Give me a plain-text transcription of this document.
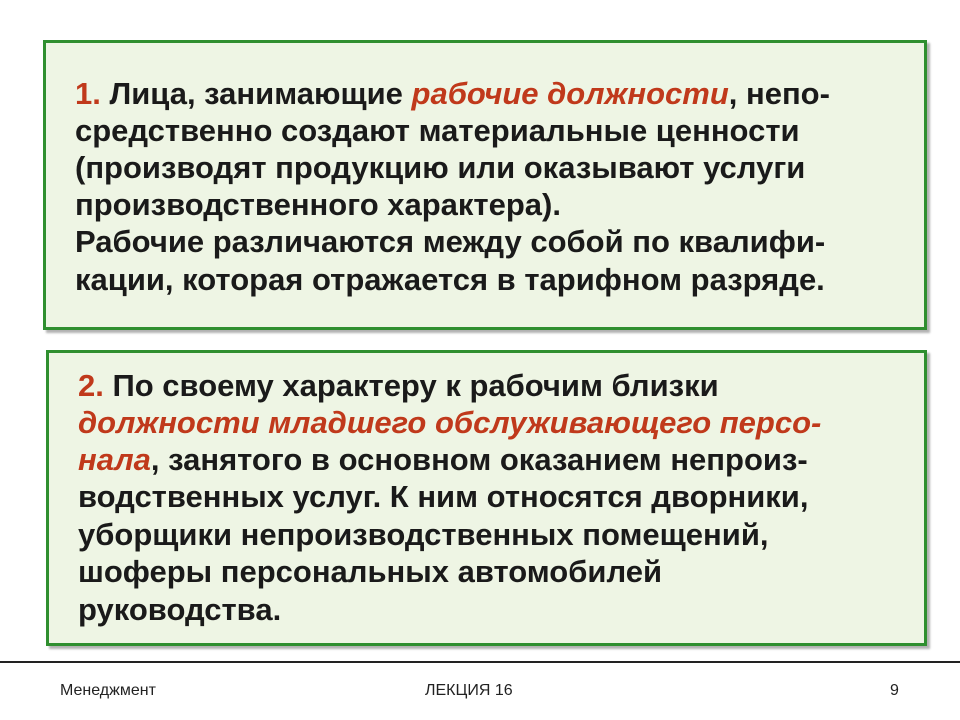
1. Лица, занимающие рабочие должности, непо-
средственно создают материальные ценности
(производят продукцию или оказывают услуги
производственного характера).
Рабочие различаются между собой по квалифи-
кации, которая отражается в тарифном разряде.
2. По своему характеру к рабочим близки
должности младшего обслуживающего персо-
нала, занятого в основном оказанием непроиз-
водственных услуг. К ним относятся дворники,
уборщики непроизводственных помещений,
шоферы персональных автомобилей
руководства.
Менеджмент	ЛЕКЦИЯ 16	9
